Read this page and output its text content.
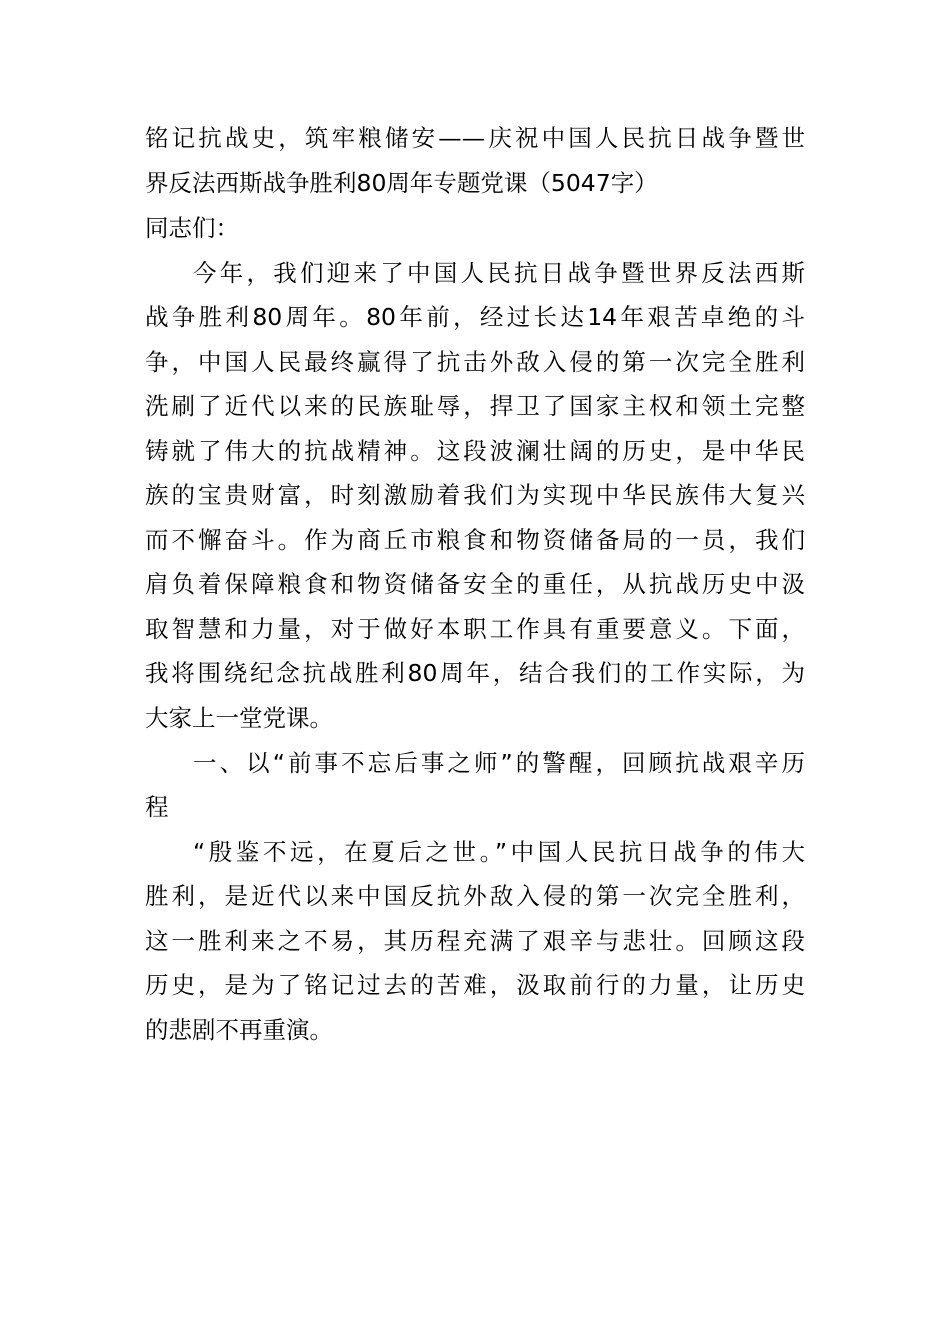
铭记抗战史，筑牢粮储安——庆祝中国人民抗日战争暨世
界反法西斯战争胜利80周年专题党课（5047字）
同志们：
今年，我们迎来了中国人民抗日战争暨世界反法西斯
战争胜利80周年。80年前，经过长达14年艰苦卓绝的斗
争，中国人民最终赢得了抗击外敌入侵的第一次完全胜利
洗刷了近代以来的民族耻辱，捍卫了国家主权和领土完整
铸就了伟大的抗战精神。这段波澜壮阔的历史，是中华民
族的宝贵财富，时刻激励着我们为实现中华民族伟大复兴
而不懈奋斗。作为商丘市粮食和物资储备局的一员，我们
肩负着保障粮食和物资储备安全的重任，从抗战历史中汲
取智慧和力量，对于做好本职工作具有重要意义。下面，
我将围绕纪念抗战胜利80周年，结合我们的工作实际，为
大家上一堂党课。
一、以“前事不忘后事之师”的警醒，回顾抗战艰辛历
程
“殷鉴不远，在夏后之世。”中国人民抗日战争的伟大
胜利，是近代以来中国反抗外敌入侵的第一次完全胜利，
这一胜利来之不易，其历程充满了艰辛与悲壮。回顾这段
历史，是为了铭记过去的苦难，汲取前行的力量，让历史
的悲剧不再重演。
